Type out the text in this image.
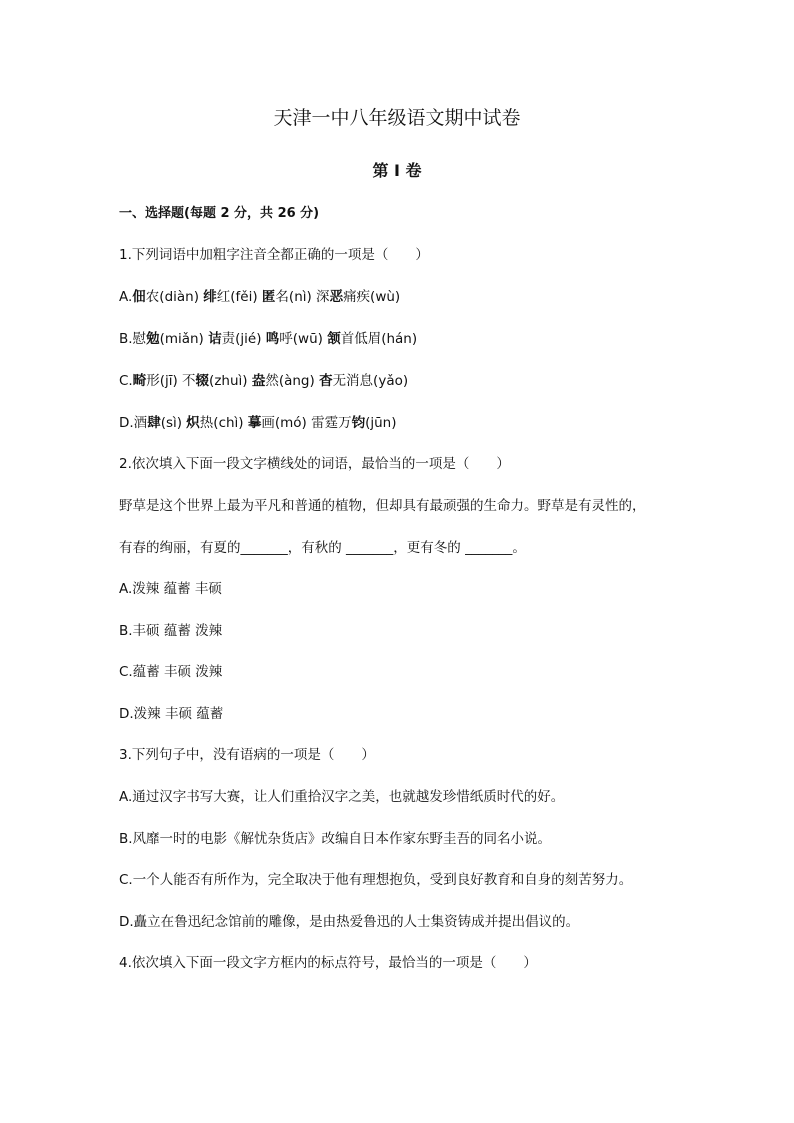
天津一中八年级语文期中试卷
第 I 卷
一、选择题(每题 2 分，共 26 分)
1.下列词语中加粗字注音全都正确的一项是（　　）
A.佃农(diàn) 绯红(fěi) 匿名(nì) 深恶痛疾(wù)
B.慰勉(miǎn) 诘责(jié) 鸣呼(wū) 颔首低眉(hán)
C.畸形(jī) 不辍(zhuì) 盎然(àng) 杳无消息(yǎo)
D.酒肆(sì) 炽热(chì) 摹画(mó) 雷霆万钧(jūn)
2.依次填入下面一段文字横线处的词语，最恰当的一项是（　　）
野草是这个世界上最为平凡和普通的植物，但却具有最顽强的生命力。野草是有灵性的，
有春的绚丽，有夏的_______，有秋的 _______，更有冬的 _______。
A.泼辣 蕴蓄 丰硕
B.丰硕 蕴蓄 泼辣
C.蕴蓄 丰硕 泼辣
D.泼辣 丰硕 蕴蓄
3.下列句子中，没有语病的一项是（　　）
A.通过汉字书写大赛，让人们重拾汉字之美，也就越发珍惜纸质时代的好。
B.风靡一时的电影《解忧杂货店》改编自日本作家东野圭吾的同名小说。
C.一个人能否有所作为，完全取决于他有理想抱负，受到良好教育和自身的刻苦努力。
D.矗立在鲁迅纪念馆前的雕像，是由热爱鲁迅的人士集资铸成并提出倡议的。
4.依次填入下面一段文字方框内的标点符号，最恰当的一项是（　　）
